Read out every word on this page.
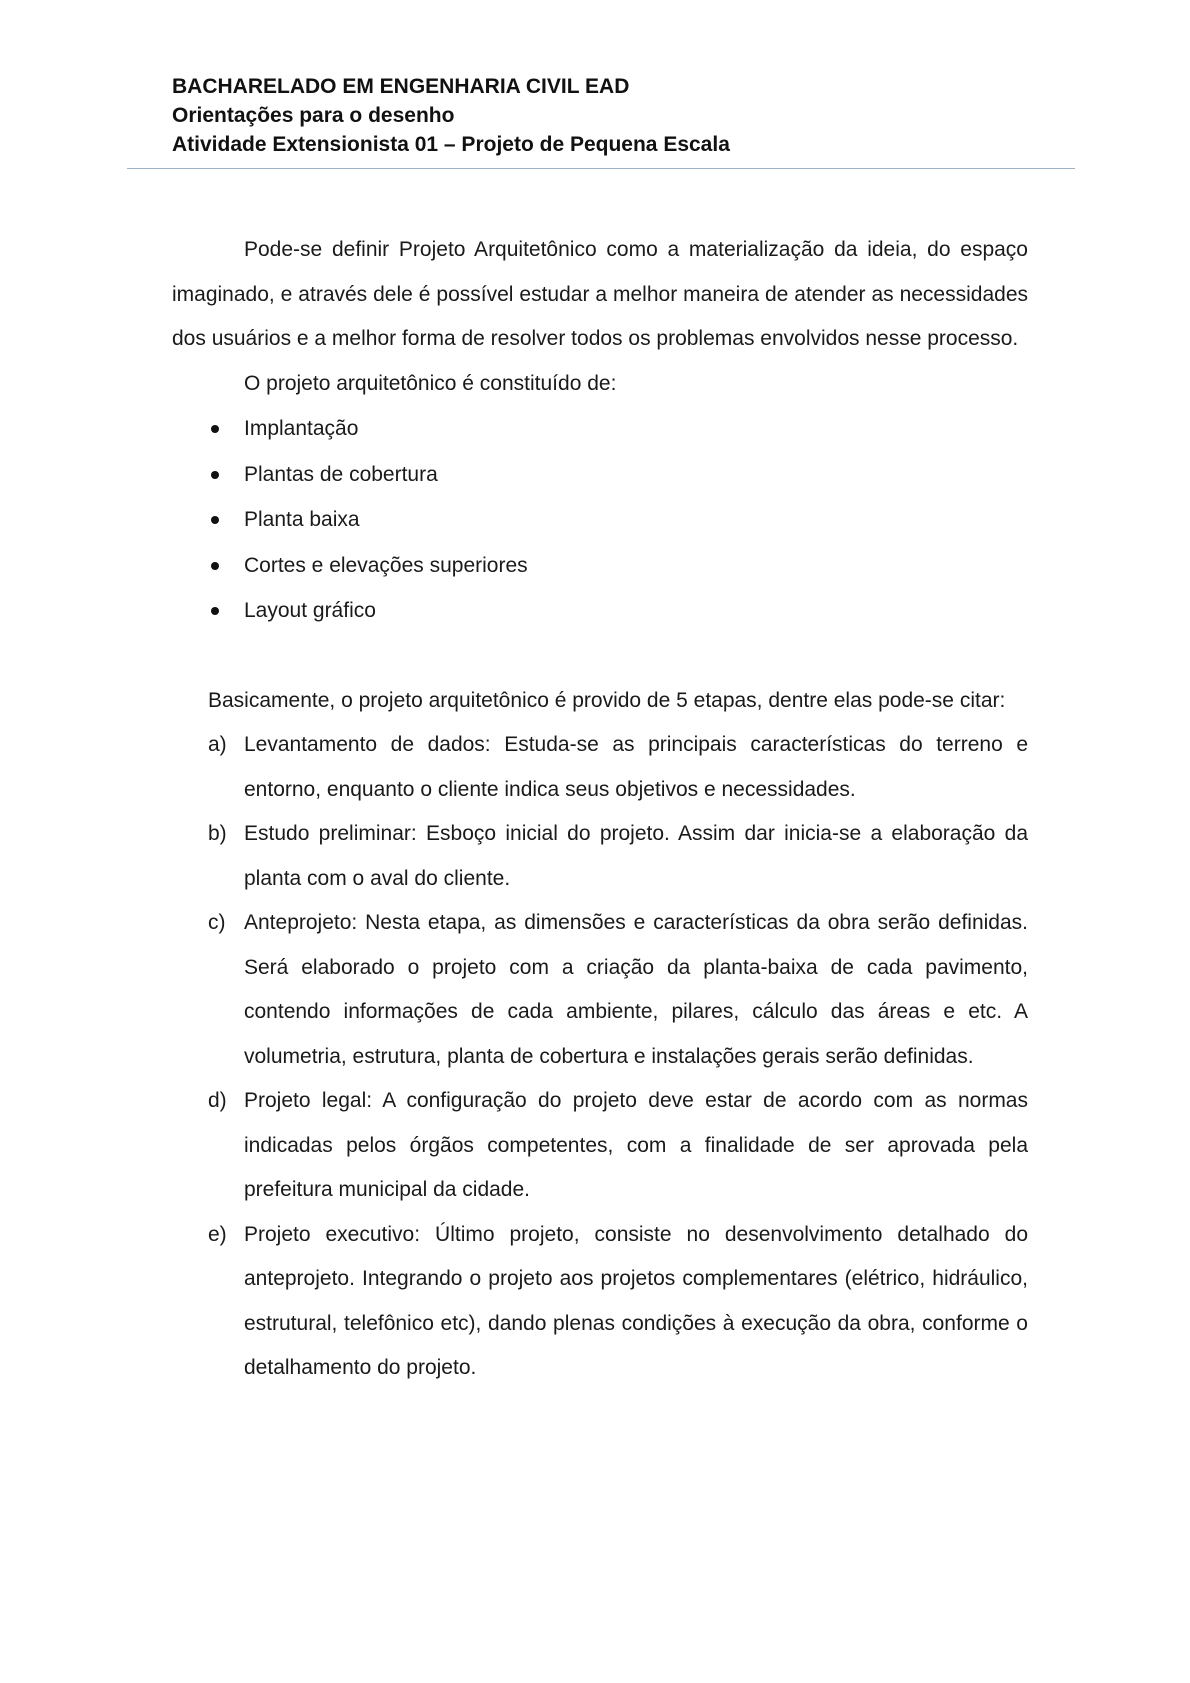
BACHARELADO EM ENGENHARIA CIVIL EAD
Orientações para o desenho
Atividade Extensionista 01 – Projeto de Pequena Escala

Pode-se definir Projeto Arquitetônico como a materialização da ideia, do espaço imaginado, e através dele é possível estudar a melhor maneira de atender as necessidades dos usuários e a melhor forma de resolver todos os problemas envolvidos nesse processo.

O projeto arquitetônico é constituído de:

Implantação
Plantas de cobertura
Planta baixa
Cortes e elevações superiores
Layout gráfico

Basicamente, o projeto arquitetônico é provido de 5 etapas, dentre elas pode-se citar:

a) Levantamento de dados: Estuda-se as principais características do terreno e entorno, enquanto o cliente indica seus objetivos e necessidades.
b) Estudo preliminar: Esboço inicial do projeto. Assim dar inicia-se a elaboração da planta com o aval do cliente.
c) Anteprojeto: Nesta etapa, as dimensões e características da obra serão definidas. Será elaborado o projeto com a criação da planta-baixa de cada pavimento, contendo informações de cada ambiente, pilares, cálculo das áreas e etc. A volumetria, estrutura, planta de cobertura e instalações gerais serão definidas.
d) Projeto legal: A configuração do projeto deve estar de acordo com as normas indicadas pelos órgãos competentes, com a finalidade de ser aprovada pela prefeitura municipal da cidade.
e) Projeto executivo: Último projeto, consiste no desenvolvimento detalhado do anteprojeto. Integrando o projeto aos projetos complementares (elétrico, hidráulico, estrutural, telefônico etc), dando plenas condições à execução da obra, conforme o detalhamento do projeto.
